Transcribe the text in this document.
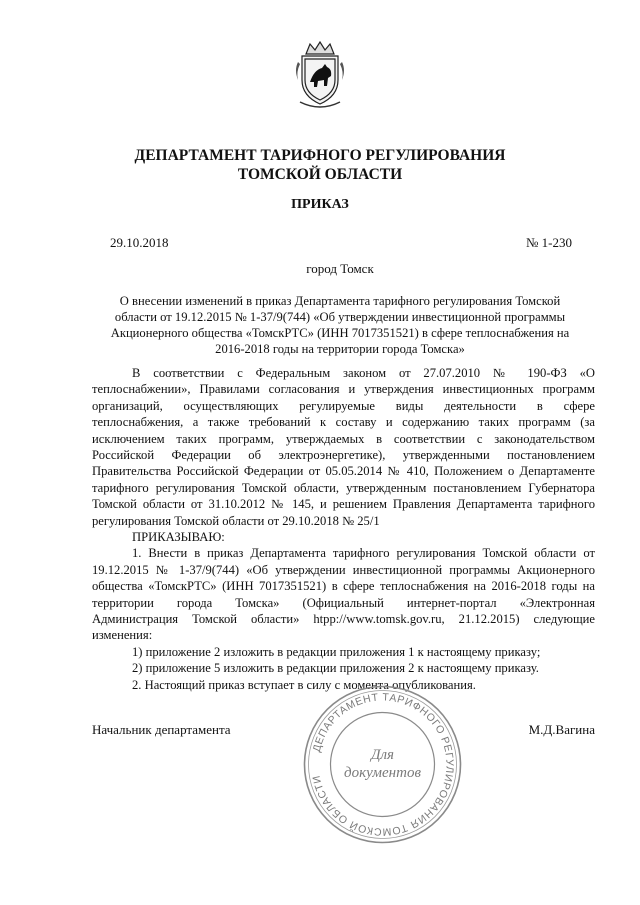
ДЕПАРТАМЕНТ ТАРИФНОГО РЕГУЛИРОВАНИЯ
ТОМСКОЙ ОБЛАСТИ
ПРИКАЗ
29.10.2018	№ 1-230
город Томск
О внесении изменений в приказ Департамента тарифного регулирования Томской
области от 19.12.2015 № 1-37/9(744) «Об утверждении инвестиционной программы
Акционерного общества «ТомскРТС» (ИНН 7017351521) в сфере теплоснабжения на
2016-2018 годы на территории города Томска»

В соответствии с Федеральным законом от 27.07.2010 № 190-ФЗ «О

теплоснабжении», Правилами согласования и утверждения инвестиционных программ

организаций, осуществляющих регулируемые виды деятельности в сфере

теплоснабжения, а также требований к составу и содержанию таких программ (за

исключением таких программ, утверждаемых в соответствии с законодательством

Российской Федерации об электроэнергетике), утвержденными постановлением

Правительства Российской Федерации от 05.05.2014 № 410, Положением о Департаменте

тарифного регулирования Томской области, утвержденным постановлением Губернатора

Томской области от 31.10.2012 № 145, и решением Правления Департамента тарифного

регулирования Томской области от 29.10.2018 № 25/1

ПРИКАЗЫВАЮ:

1. Внести в приказ Департамента тарифного регулирования Томской области от

19.12.2015 № 1-37/9(744) «Об утверждении инвестиционной программы Акционерного

общества «ТомскРТС» (ИНН 7017351521) в сфере теплоснабжения на 2016-2018 годы на

территории города Томска» (Официальный интернет-портал «Электронная

Администрация Томской области» htpp://www.tomsk.gov.ru, 21.12.2015) следующие

изменения:

1) приложение 2 изложить в редакции приложения 1 к настоящему приказу;

2) приложение 5 изложить в редакции приложения 2 к настоящему приказу.

2. Настоящий приказ вступает в силу с момента опубликования.

Начальник департамента	М.Д.Вагина
ДЕПАРТАМЕНТ ТАРИФНОГО РЕГУЛИРОВАНИЯ ТОМСКОЙ ОБЛАСТИ
Для
документов
